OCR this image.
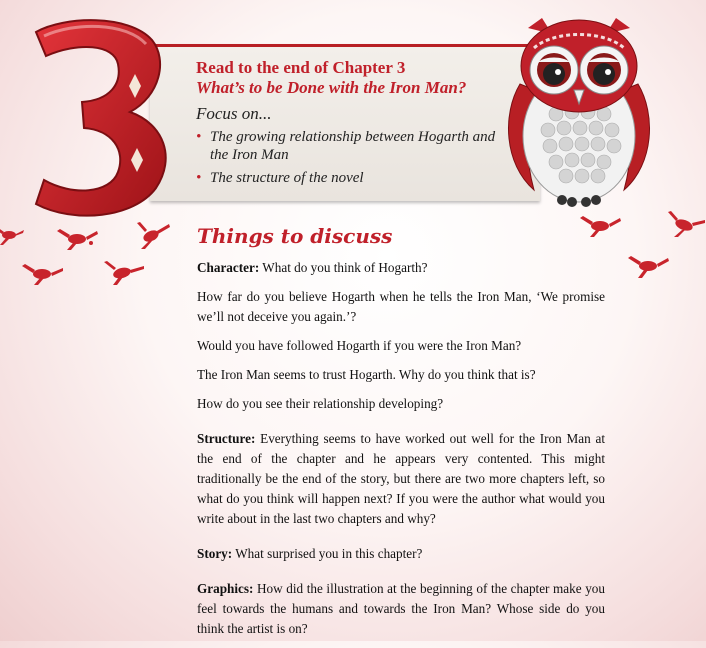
Read to the end of Chapter 3
What’s to be Done with the Iron Man?
Focus on...
• The growing relationship between Hogarth and the Iron Man
• The structure of the novel
Things to discuss

Character: What do you think of Hogarth?

How far do you believe Hogarth when he tells the Iron Man, ‘We promise we’ll not deceive you again.’?

Would you have followed Hogarth if you were the Iron Man?

The Iron Man seems to trust Hogarth. Why do you think that is?

How do you see their relationship developing?

Structure: Everything seems to have worked out well for the Iron Man at the end of the chapter and he appears very contented. This might traditionally be the end of the story, but there are two more chapters left, so what do you think will happen next? If you were the author what would you write about in the last two chapters and why?

Story: What surprised you in this chapter?

Graphics: How did the illustration at the beginning of the chapter make you feel towards the humans and towards the Iron Man? Whose side do you think the artist is on?
